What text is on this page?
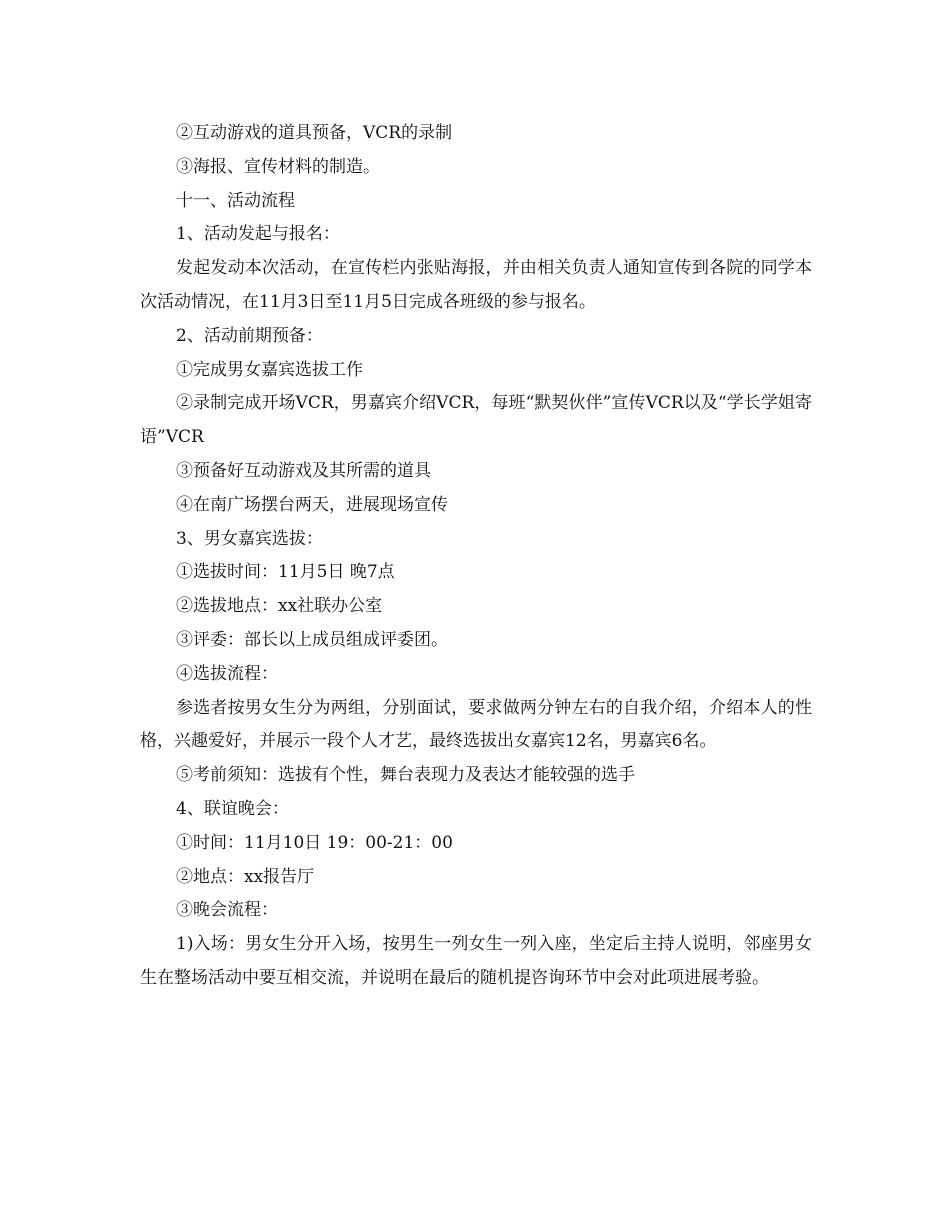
②互动游戏的道具预备，VCR的录制

③海报、宣传材料的制造。

十一、活动流程

1、活动发起与报名：

发起发动本次活动，在宣传栏内张贴海报，并由相关负责人通知宣传到各院的同学本次活动情况，在11月3日至11月5日完成各班级的参与报名。

2、活动前期预备：

①完成男女嘉宾选拔工作

②录制完成开场VCR，男嘉宾介绍VCR，每班“默契伙伴”宣传VCR以及“学长学姐寄语”VCR

③预备好互动游戏及其所需的道具

④在南广场摆台两天，进展现场宣传

3、男女嘉宾选拔：

①选拔时间：11月5日 晚7点

②选拔地点：xx社联办公室

③评委：部长以上成员组成评委团。

④选拔流程：

参选者按男女生分为两组，分别面试，要求做两分钟左右的自我介绍，介绍本人的性格，兴趣爱好，并展示一段个人才艺，最终选拔出女嘉宾12名，男嘉宾6名。

⑤考前须知：选拔有个性，舞台表现力及表达才能较强的选手

4、联谊晚会：

①时间：11月10日 19：00-21：00

②地点：xx报告厅

③晚会流程：

1)入场：男女生分开入场，按男生一列女生一列入座，坐定后主持人说明，邻座男女生在整场活动中要互相交流，并说明在最后的随机提咨询环节中会对此项进展考验。
